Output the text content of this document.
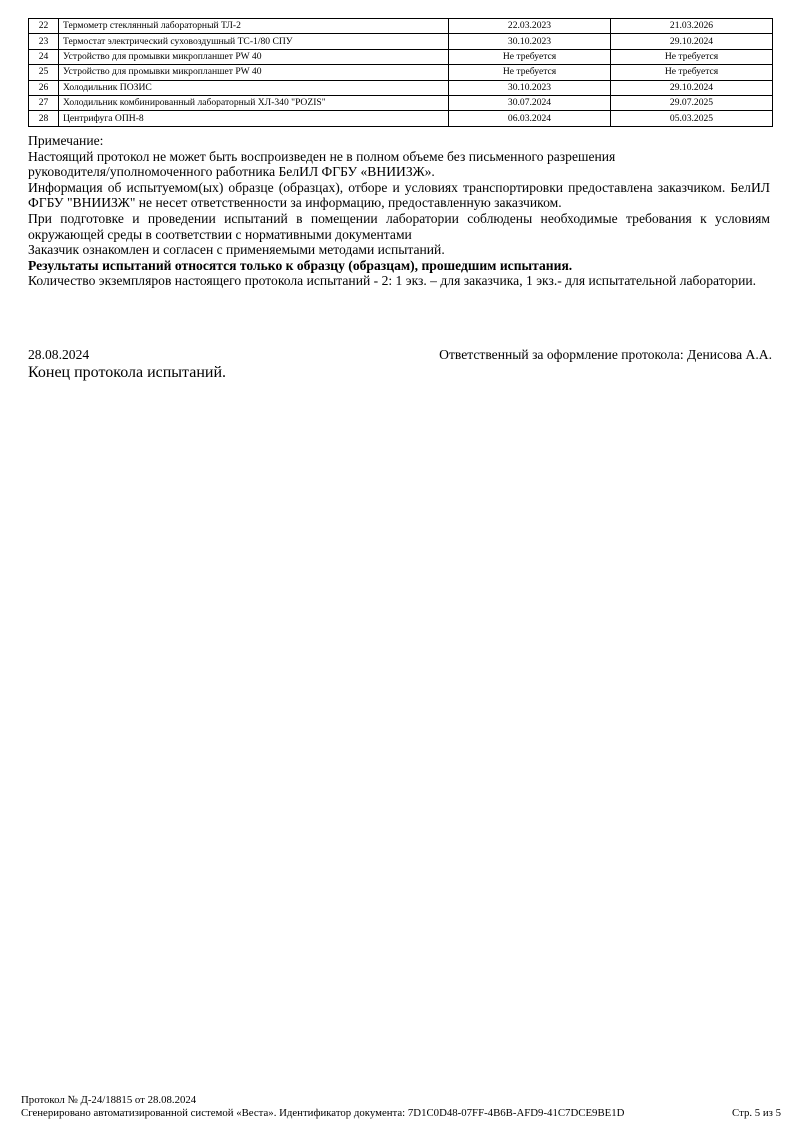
22	Термометр стеклянный лабораторный ТЛ-2	22.03.2023	21.03.2026
23	Термостат электрический суховоздушный ТС-1/80 СПУ	30.10.2023	29.10.2024
24	Устройство для промывки микропланшет PW 40	Не требуется	Не требуется
25	Устройство для промывки микропланшет PW 40	Не требуется	Не требуется
26	Холодильник ПОЗИС	30.10.2023	29.10.2024
27	Холодильник комбинированный лабораторный ХЛ-340 "POZIS"	30.07.2024	29.07.2025
28	Центрифуга ОПН-8	06.03.2024	05.03.2025

Примечание:

Настоящий протокол не может быть воспроизведен не в полном объеме без письменного разрешения

руководителя/уполномоченного работника БелИЛ ФГБУ «ВНИИЗЖ».

Информация об испытуемом(ых) образце (образцах), отборе и условиях транспортировки предоставлена заказчиком. БелИЛ ФГБУ "ВНИИЗЖ" не несет ответственности за информацию, предоставленную заказчиком.

При подготовке и проведении испытаний в помещении лаборатории соблюдены необходимые требования к условиям окружающей среды в соответствии с нормативными документами

Заказчик ознакомлен и согласен с применяемыми методами испытаний.

Результаты испытаний относятся только к образцу (образцам), прошедшим испытания.

Количество экземпляров настоящего протокола испытаний - 2: 1 экз. – для заказчика, 1 экз.- для испытательной лаборатории.

28.08.2024	Ответственный за оформление протокола: Денисова А.А.
Конец протокола испытаний.
Протокол № Д-24/18815 от 28.08.2024
Сгенерировано автоматизированной системой «Веста». Идентификатор документа: 7D1C0D48-07FF-4B6B-AFD9-41C7DCE9BE1D	Стр. 5 из 5
